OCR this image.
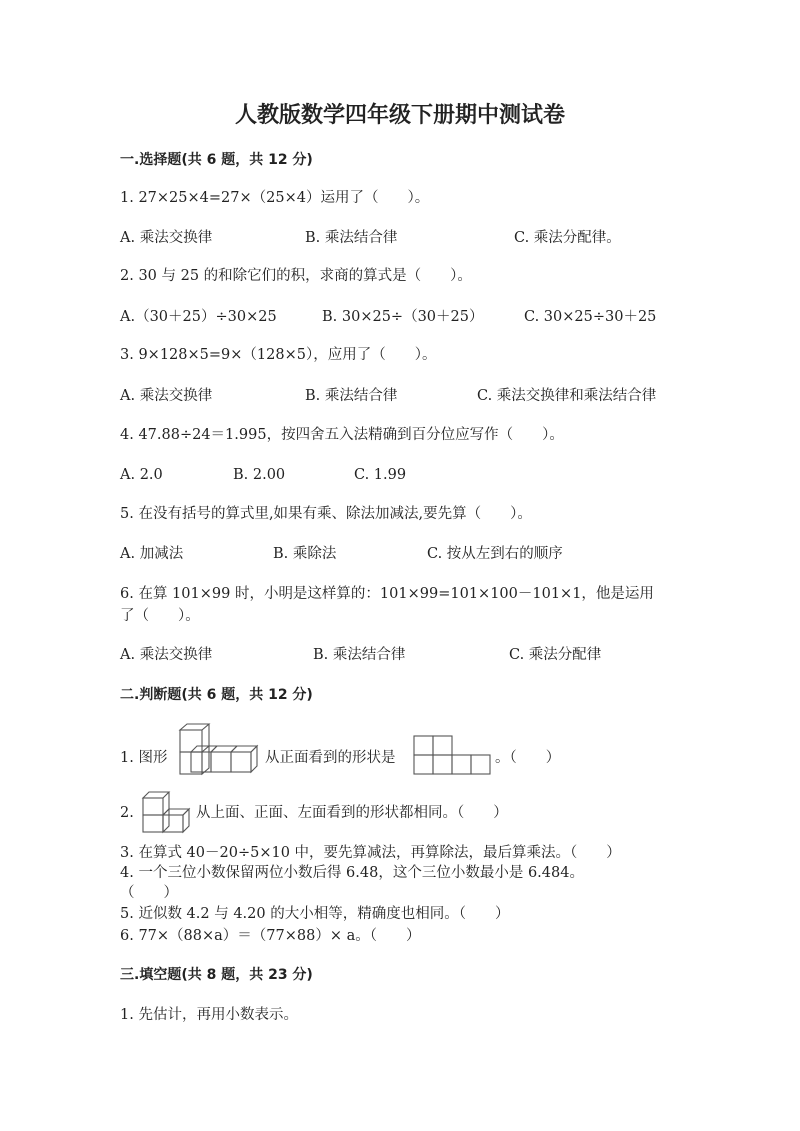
人教版数学四年级下册期中测试卷
一.选择题(共 6 题，共 12 分)
1. 27×25×4=27×（25×4）运用了（　　）。
A. 乘法交换律	B. 乘法结合律	C. 乘法分配律。
2. 30 与 25 的和除它们的积，求商的算式是（　　）。
A.（30＋25）÷30×25	B. 30×25÷（30＋25）	C. 30×25÷30＋25
3. 9×128×5=9×（128×5），应用了（　　）。
A. 乘法交换律	B. 乘法结合律	C. 乘法交换律和乘法结合律
4. 47.88÷24＝1.995，按四舍五入法精确到百分位应写作（　　）。
A. 2.0	B. 2.00	C. 1.99
5. 在没有括号的算式里,如果有乘、除法加减法,要先算（　　）。
A. 加减法	B. 乘除法	C. 按从左到右的顺序
6. 在算 101×99 时，小明是这样算的：101×99=101×100－101×1，他是运用
了（　　）。
A. 乘法交换律	B. 乘法结合律	C. 乘法分配律
二.判断题(共 6 题，共 12 分)
1. 图形	从正面看到的形状是	。（　　）
2.	从上面、正面、左面看到的形状都相同。（　　）
3. 在算式 40－20÷5×10 中，要先算减法，再算除法，最后算乘法。（　　）
4. 一个三位小数保留两位小数后得 6.48，这个三位小数最小是 6.484。
（　　）
5. 近似数 4.2 与 4.20 的大小相等，精确度也相同。（　　）
6. 77×（88×a）＝（77×88）× a。（　　）
三.填空题(共 8 题，共 23 分)
1. 先估计，再用小数表示。
